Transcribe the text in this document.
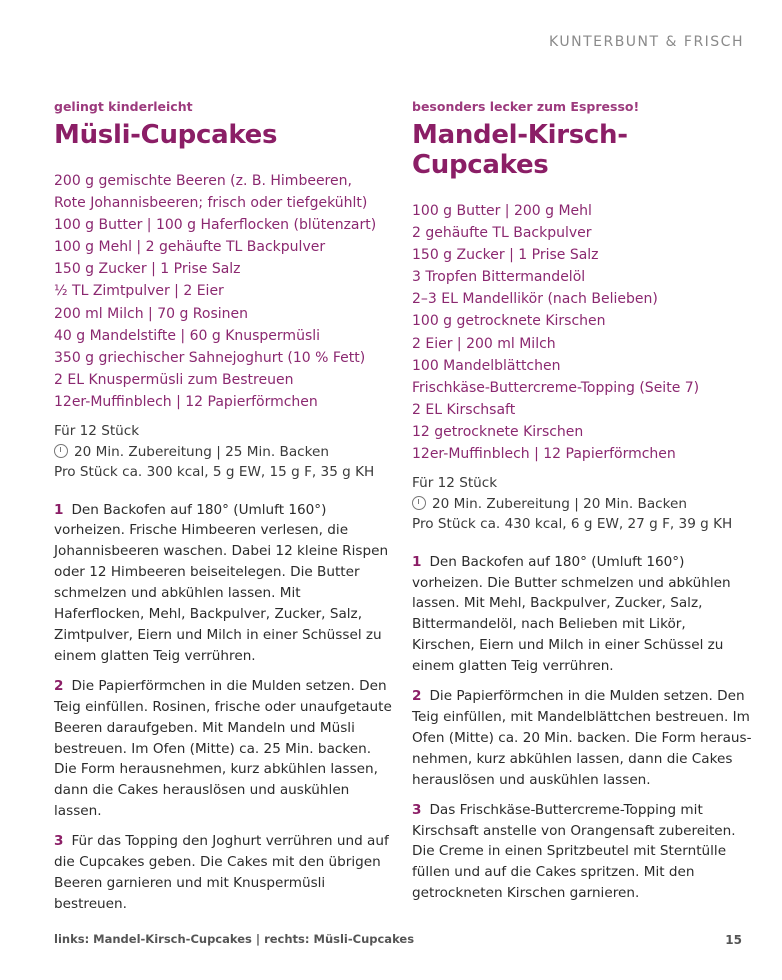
KUNTERBUNT & FRISCH

gelingt kinderleicht

Müsli-Cupcakes
200 g gemischte Beeren (z. B. Himbeeren,
Rote Johannisbeeren; frisch oder tiefgekühlt)
100 g Butter | 100 g Haferflocken (blütenzart)
100 g Mehl | 2 gehäufte TL Backpulver
150 g Zucker | 1 Prise Salz
½ TL Zimtpulver | 2 Eier
200 ml Milch | 70 g Rosinen
40 g Mandelstifte | 60 g Knuspermüsli
350 g griechischer Sahnejoghurt (10 % Fett)
2 EL Knuspermüsli zum Bestreuen
12er-Muffinblech | 12 Papierförmchen
Für 12 Stück
20 Min. Zubereitung | 25 Min. Backen
Pro Stück ca. 300 kcal, 5 g EW, 15 g F, 35 g KH

1 Den Backofen auf 180° (Umluft 160°) vorheizen. Frische Himbeeren verlesen, die Johannisbeeren waschen. Dabei 12 kleine Rispen oder 12 Himbeeren beiseitelegen. Die Butter schmelzen und abkühlen lassen. Mit Haferflocken, Mehl, Backpulver, Zucker, Salz, Zimtpulver, Eiern und Milch in einer Schüssel zu einem glatten Teig verrühren.

2 Die Papierförmchen in die Mulden setzen. Den Teig einfüllen. Rosinen, frische oder unaufgetaute Beeren daraufgeben. Mit Mandeln und Müsli bestreuen. Im Ofen (Mitte) ca. 25 Min. backen. Die Form herausnehmen, kurz abkühlen lassen, dann die Cakes herauslösen und auskühlen lassen.

3 Für das Topping den Joghurt verrühren und auf die Cupcakes geben. Die Cakes mit den übrigen Beeren garnieren und mit Knuspermüsli bestreuen.

besonders lecker zum Espresso!

Mandel-Kirsch-Cupcakes
100 g Butter | 200 g Mehl
2 gehäufte TL Backpulver
150 g Zucker | 1 Prise Salz
3 Tropfen Bittermandelöl
2–3 EL Mandellikör (nach Belieben)
100 g getrocknete Kirschen
2 Eier | 200 ml Milch
100 Mandelblättchen
Frischkäse-Buttercreme-Topping (Seite 7)
2 EL Kirschsaft
12 getrocknete Kirschen
12er-Muffinblech | 12 Papierförmchen
Für 12 Stück
20 Min. Zubereitung | 20 Min. Backen
Pro Stück ca. 430 kcal, 6 g EW, 27 g F, 39 g KH

1 Den Backofen auf 180° (Umluft 160°) vorheizen. Die Butter schmelzen und abkühlen lassen. Mit Mehl, Backpulver, Zucker, Salz, Bittermandelöl, nach Belieben mit Likör, Kirschen, Eiern und Milch in einer Schüssel zu einem glatten Teig verrühren.

2 Die Papierförmchen in die Mulden setzen. Den Teig einfüllen, mit Mandelblättchen bestreuen. Im Ofen (Mitte) ca. 20 Min. backen. Die Form herausnehmen, kurz abkühlen lassen, dann die Cakes herauslösen und auskühlen lassen.

3 Das Frischkäse-Buttercreme-Topping mit Kirschsaft anstelle von Orangensaft zubereiten. Die Creme in einen Spritzbeutel mit Sterntülle füllen und auf die Cakes spritzen. Mit den getrockneten Kirschen garnieren.

links: Mandel-Kirsch-Cupcakes | rechts: Müsli-Cupcakes	15
